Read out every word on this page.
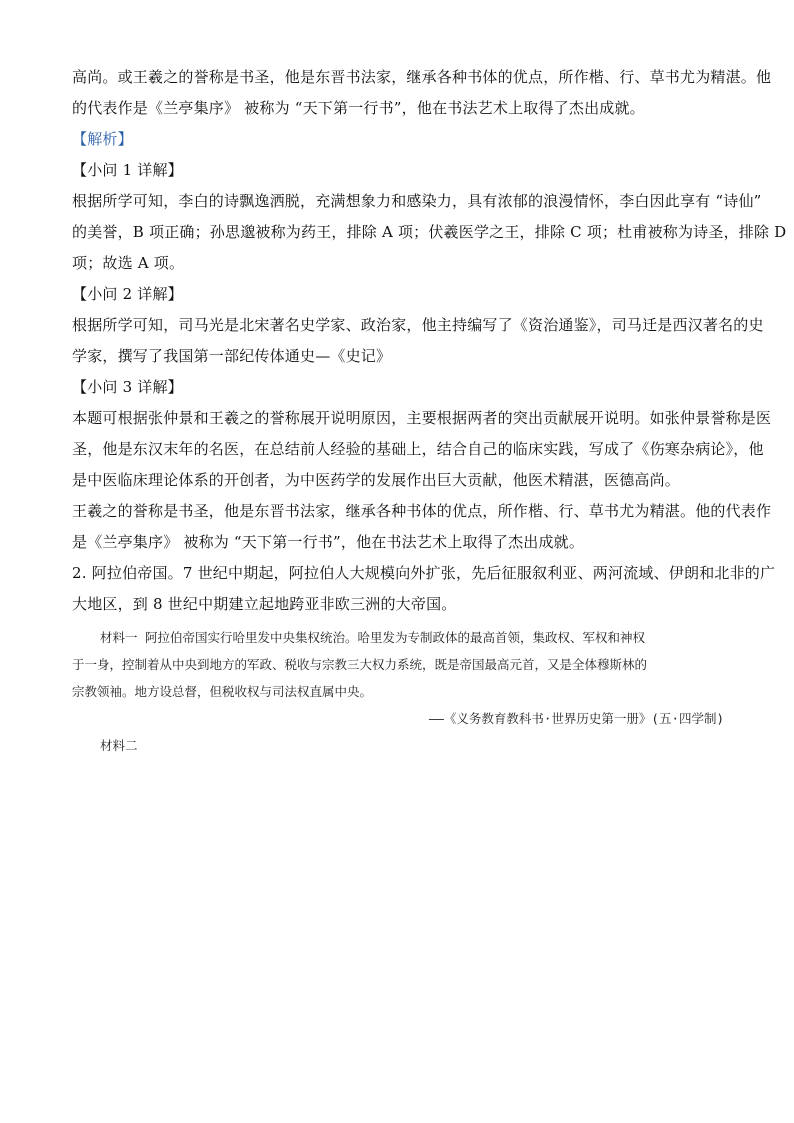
高尚。或王羲之的誉称是书圣，他是东晋书法家，继承各种书体的优点，所作楷、行、草书尤为精湛。他
的代表作是《兰亭集序》 被称为 “天下第一行书”，他在书法艺术上取得了杰出成就。
【解析】
【小问 1 详解】
根据所学可知，李白的诗飘逸洒脱，充满想象力和感染力，具有浓郁的浪漫情怀，李白因此享有 “诗仙”
的美誉，B 项正确；孙思邈被称为药王，排除 A 项；伏羲医学之王，排除 C 项；杜甫被称为诗圣，排除 D
项；故选 A 项。
【小问 2 详解】
根据所学可知，司马光是北宋著名史学家、政治家，他主持编写了《资治通鉴》，司马迁是西汉著名的史
学家，撰写了我国第一部纪传体通史—《史记》
【小问 3 详解】
本题可根据张仲景和王羲之的誉称展开说明原因，主要根据两者的突出贡献展开说明。如张仲景誉称是医
圣，他是东汉末年的名医，在总结前人经验的基础上，结合自己的临床实践，写成了《伤寒杂病论》，他
是中医临床理论体系的开创者，为中医药学的发展作出巨大贡献，他医术精湛，医德高尚。
王羲之的誉称是书圣，他是东晋书法家，继承各种书体的优点，所作楷、行、草书尤为精湛。他的代表作
是《兰亭集序》 被称为 “天下第一行书”，他在书法艺术上取得了杰出成就。
2. 阿拉伯帝国。7 世纪中期起，阿拉伯人大规模向外扩张，先后征服叙利亚、两河流域、伊朗和北非的广
大地区，到 8 世纪中期建立起地跨亚非欧三洲的大帝国。
材料一 阿拉伯帝国实行哈里发中央集权统治。哈里发为专制政体的最高首领，集政权、军权和神权
于一身，控制着从中央到地方的军政、税收与宗教三大权力系统，既是帝国最高元首，又是全体穆斯林的
宗教领袖。地方设总督，但税收权与司法权直属中央。
——《义务教育教科书·世界历史第一册》(五·四学制)
材料二
